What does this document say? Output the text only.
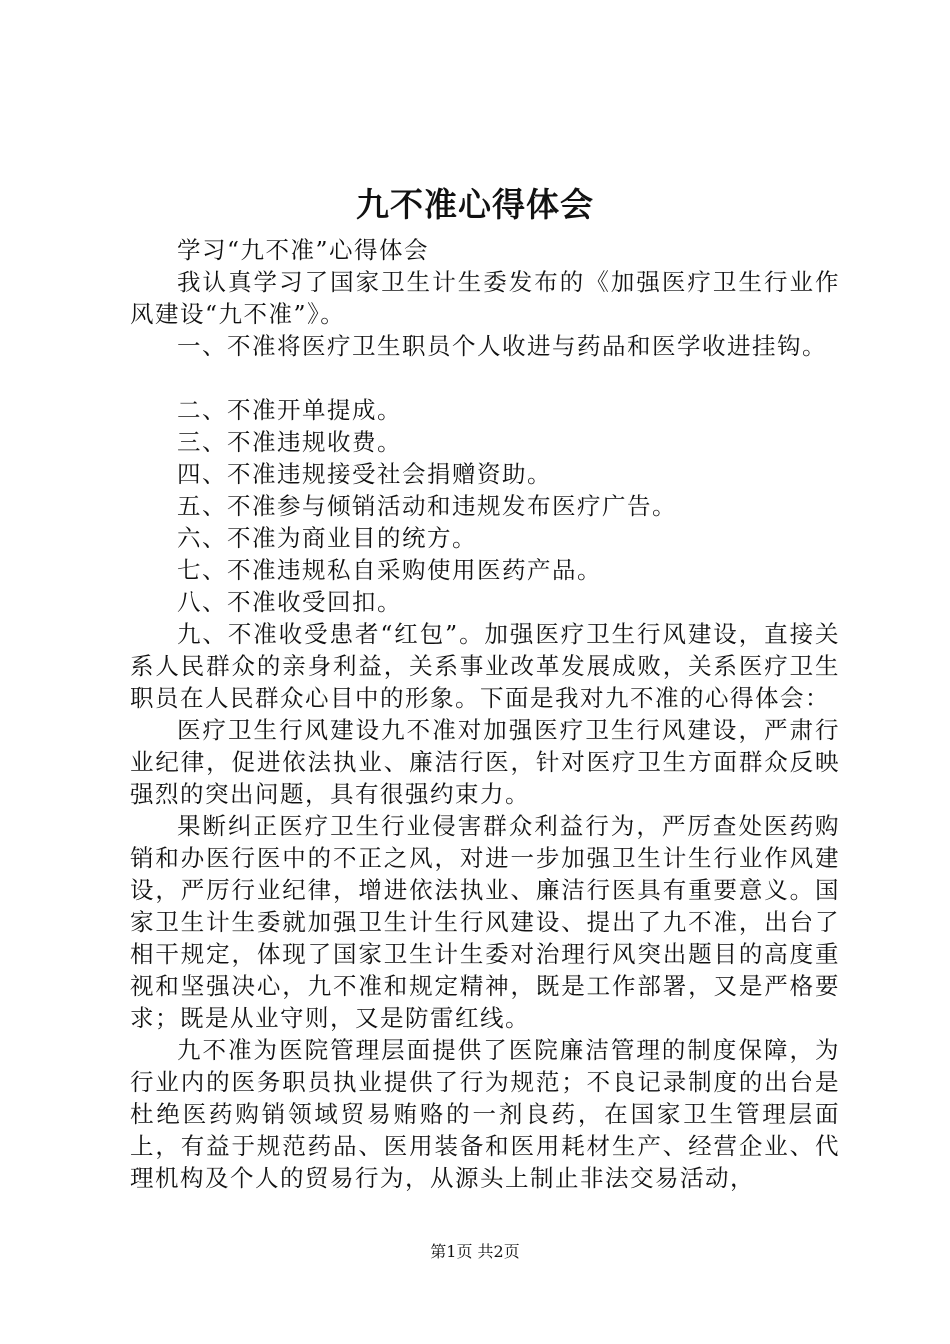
九不准心得体会

学习“九不准”心得体会

我认真学习了国家卫生计生委发布的《加强医疗卫生行业作风建设“九不准”》。

一、不准将医疗卫生职员个人收进与药品和医学收进挂钩。

二、不准开单提成。

三、不准违规收费。

四、不准违规接受社会捐赠资助。

五、不准参与倾销活动和违规发布医疗广告。

六、不准为商业目的统方。

七、不准违规私自采购使用医药产品。

八、不准收受回扣。

九、不准收受患者“红包”。加强医疗卫生行风建设，直接关系人民群众的亲身利益，关系事业改革发展成败，关系医疗卫生职员在人民群众心目中的形象。下面是我对九不准的心得体会：

医疗卫生行风建设九不准对加强医疗卫生行风建设，严肃行业纪律，促进依法执业、廉洁行医，针对医疗卫生方面群众反映强烈的突出问题，具有很强约束力。

果断纠正医疗卫生行业侵害群众利益行为，严厉查处医药购销和办医行医中的不正之风，对进一步加强卫生计生行业作风建设，严厉行业纪律，增进依法执业、廉洁行医具有重要意义。国家卫生计生委就加强卫生计生行风建设、提出了九不准，出台了相干规定，体现了国家卫生计生委对治理行风突出题目的高度重视和坚强决心，九不准和规定精神，既是工作部署，又是严格要求；既是从业守则，又是防雷红线。

九不准为医院管理层面提供了医院廉洁管理的制度保障，为行业内的医务职员执业提供了行为规范；不良记录制度的出台是杜绝医药购销领域贸易贿赂的一剂良药，在国家卫生管理层面上，有益于规范药品、医用装备和医用耗材生产、经营企业、代理机构及个人的贸易行为，从源头上制止非法交易活动，

第1页 共2页
